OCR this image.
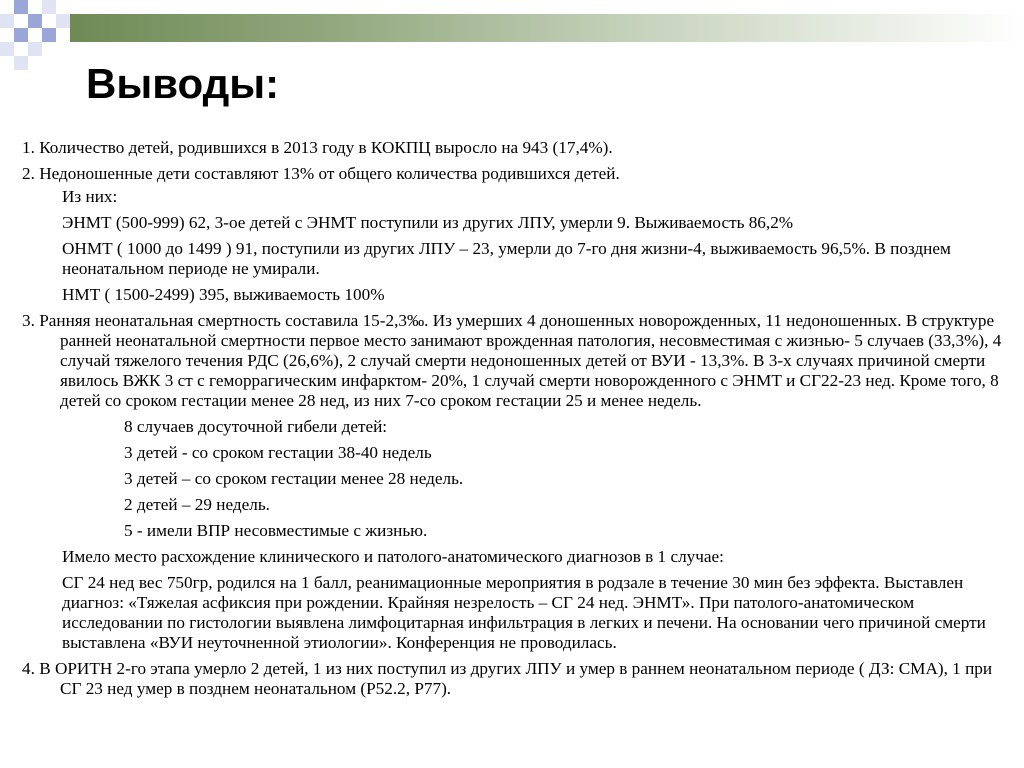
Выводы:
1. Количество детей, родившихся в 2013 году в КОКПЦ выросло на 943 (17,4%).
2. Недоношенные дети составляют 13% от общего количества родившихся детей.
Из них:
ЭНМТ (500-999) 62, 3-ое детей с ЭНМТ поступили из других ЛПУ, умерли 9. Выживаемость 86,2%
ОНМТ ( 1000 до 1499 ) 91, поступили из других ЛПУ – 23, умерли до 7-го дня жизни-4, выживаемость 96,5%. В позднем неонатальном периоде не умирали.
НМТ ( 1500-2499) 395, выживаемость 100%
3. Ранняя неонатальная смертность составила 15-2,3‰. Из умерших 4 доношенных новорожденных, 11 недоношенных. В структуре ранней неонатальной смертности первое место занимают врожденная патология, несовместимая с жизнью- 5 случаев (33,3%), 4 случай тяжелого течения РДС (26,6%), 2 случай смерти недоношенных детей от ВУИ - 13,3%. В 3-х случаях причиной смерти явилось ВЖК 3 ст с геморрагическим инфарктом- 20%, 1 случай смерти новорожденного с ЭНМТ и СГ22-23 нед. Кроме того, 8 детей со сроком гестации менее 28 нед, из них 7-со сроком гестации 25 и менее недель.
8 случаев досуточной гибели детей:
3 детей - со сроком гестации 38-40 недель
3 детей – со сроком гестации менее 28 недель.
2 детей – 29 недель.
5 - имели ВПР несовместимые с жизнью.
Имело место расхождение клинического и патолого-анатомического диагнозов в 1 случае:
СГ 24 нед вес 750гр, родился на 1 балл, реанимационные мероприятия в родзале в течение 30 мин без эффекта. Выставлен диагноз: «Тяжелая асфиксия при рождении. Крайняя незрелость – СГ 24 нед. ЭНМТ». При патолого-анатомическом исследовании по гистологии выявлена лимфоцитарная инфильтрация в легких и печени. На основании чего причиной смерти выставлена «ВУИ неуточненной этиологии». Конференция не проводилась.
4. В ОРИТН 2-го этапа умерло 2 детей, 1 из них поступил из других ЛПУ и умер в раннем неонатальном периоде ( ДЗ: СМА), 1 при СГ 23 нед умер в позднем неонатальном (Р52.2, Р77).
